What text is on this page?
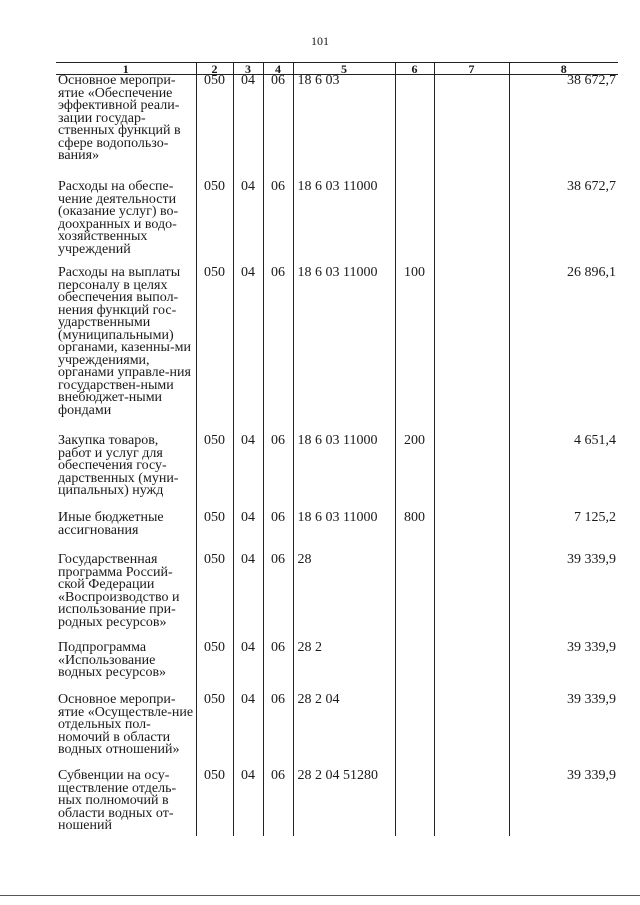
101
1	2	3	4	5	6	7	8
Основное меропри-ятие «Обеспечение эффективной реали-зации государ-ственных функций в сфере водопользо-вания»	050	04	06	18 6 03			38 672,7
Расходы на обеспе-чение деятельности (оказание услуг) во-доохранных и водо-хозяйственных учреждений	050	04	06	18 6 03 11000			38 672,7
Расходы на выплаты персоналу в целях обеспечения выпол-нения функций гос-ударственными (муниципальными) органами, казенны-ми учреждениями, органами управле-ния государствен-ными внебюджет-ными фондами	050	04	06	18 6 03 11000	100		26 896,1
Закупка товаров, работ и услуг для обеспечения госу-дарственных (муни-ципальных) нужд	050	04	06	18 6 03 11000	200		4 651,4
Иные бюджетные ассигнования	050	04	06	18 6 03 11000	800		7 125,2
Государственная программа Россий-ской Федерации «Воспроизводство и использование при-родных ресурсов»	050	04	06	28			39 339,9
Подпрограмма «Использование водных ресурсов»	050	04	06	28 2			39 339,9
Основное меропри-ятие «Осуществле-ние отдельных пол-номочий в области водных отношений»	050	04	06	28 2 04			39 339,9
Субвенции на осу-ществление отдель-ных полномочий в области водных от-ношений	050	04	06	28 2 04 51280			39 339,9
